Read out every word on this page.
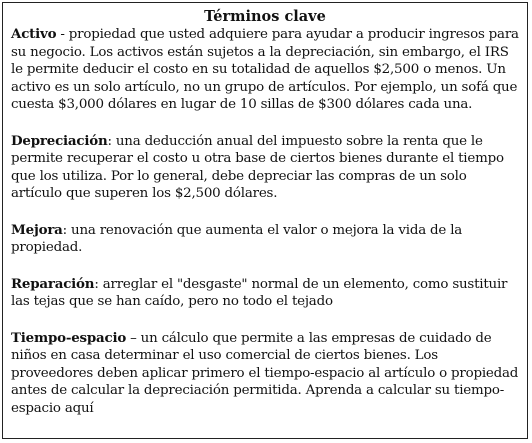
Términos clave

Activo - propiedad que usted adquiere para ayudar a producir ingresos para su negocio. Los activos están sujetos a la depreciación, sin embargo, el IRS le permite deducir el costo en su totalidad de aquellos $2,500 o menos. Un activo es un solo artículo, no un grupo de artículos. Por ejemplo, un sofá que cuesta $3,000 dólares en lugar de 10 sillas de $300 dólares cada una.

Depreciación: una deducción anual del impuesto sobre la renta que le permite recuperar el costo u otra base de ciertos bienes durante el tiempo que los utiliza. Por lo general, debe depreciar las compras de un solo artículo que superen los $2,500 dólares.

Mejora: una renovación que aumenta el valor o mejora la vida de la propiedad.

Reparación: arreglar el "desgaste" normal de un elemento, como sustituir las tejas que se han caído, pero no todo el tejado

Tiempo-espacio – un cálculo que permite a las empresas de cuidado de niños en casa determinar el uso comercial de ciertos bienes. Los proveedores deben aplicar primero el tiempo-espacio al artículo o propiedad antes de calcular la depreciación permitida. Aprenda a calcular su tiempo-espacio aquí
